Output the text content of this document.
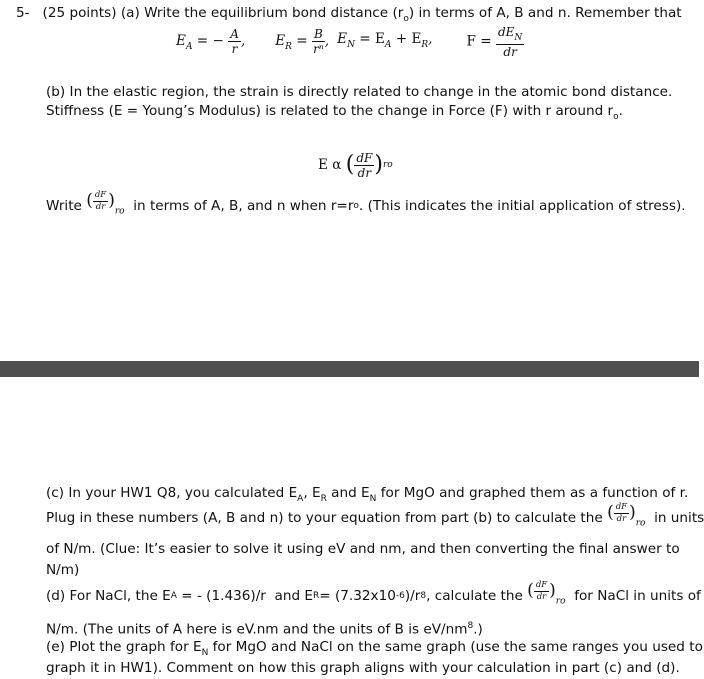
5- (25 points) (a) Write the equilibrium bond distance $(r_o)$ in terms of A, B and n. Remember that
$E_A$ = − $\frac{A}{r}$ , $E_R = \frac{B}{\text{rⁿ}}$ , $E_N = E_A + E_R$,	$F = \frac{dE_N}{dr}$
(b) In the elastic region, the strain is directly related to change in the atomic bond distance.
Stiffness (E = Young’s Modulus) is related to the change in Force (F) with r around $r_o$.
E α
( $\frac{dF}{dr}$ ) ro
Write
( $\frac{dF}{dr} )_{ro}$
in terms of A, B, and n when r=r o . (This indicates the initial application of stress).
(c) In your HW1 Q8, you calculated $E_A$, $E_R$ and $E_N$ for MgO and graphed them as a function of r.
Plug in these numbers (A, B and n) to your equation from part (b) to calculate the
( $\frac{dF}{dr} )_{ro}$
in units
of N/m. (Clue: It’s easier to solve it using eV and nm, and then converting the final answer to
N/m)
(d) For NaCl, the E A = - (1.436)/r  and E R = (7.32x10 -6 )/r 8 , calculate the
( $\frac{dF}{dr} )_{ro}$
for NaCl in units of
N/m. (The units of A here is eV.nm and the units of B is $eV/nm^8$.)
(e) Plot the graph for $E_N$ for MgO and NaCl on the same graph (use the same ranges you used to
graph it in HW1). Comment on how this graph aligns with your calculation in part (c) and (d).
